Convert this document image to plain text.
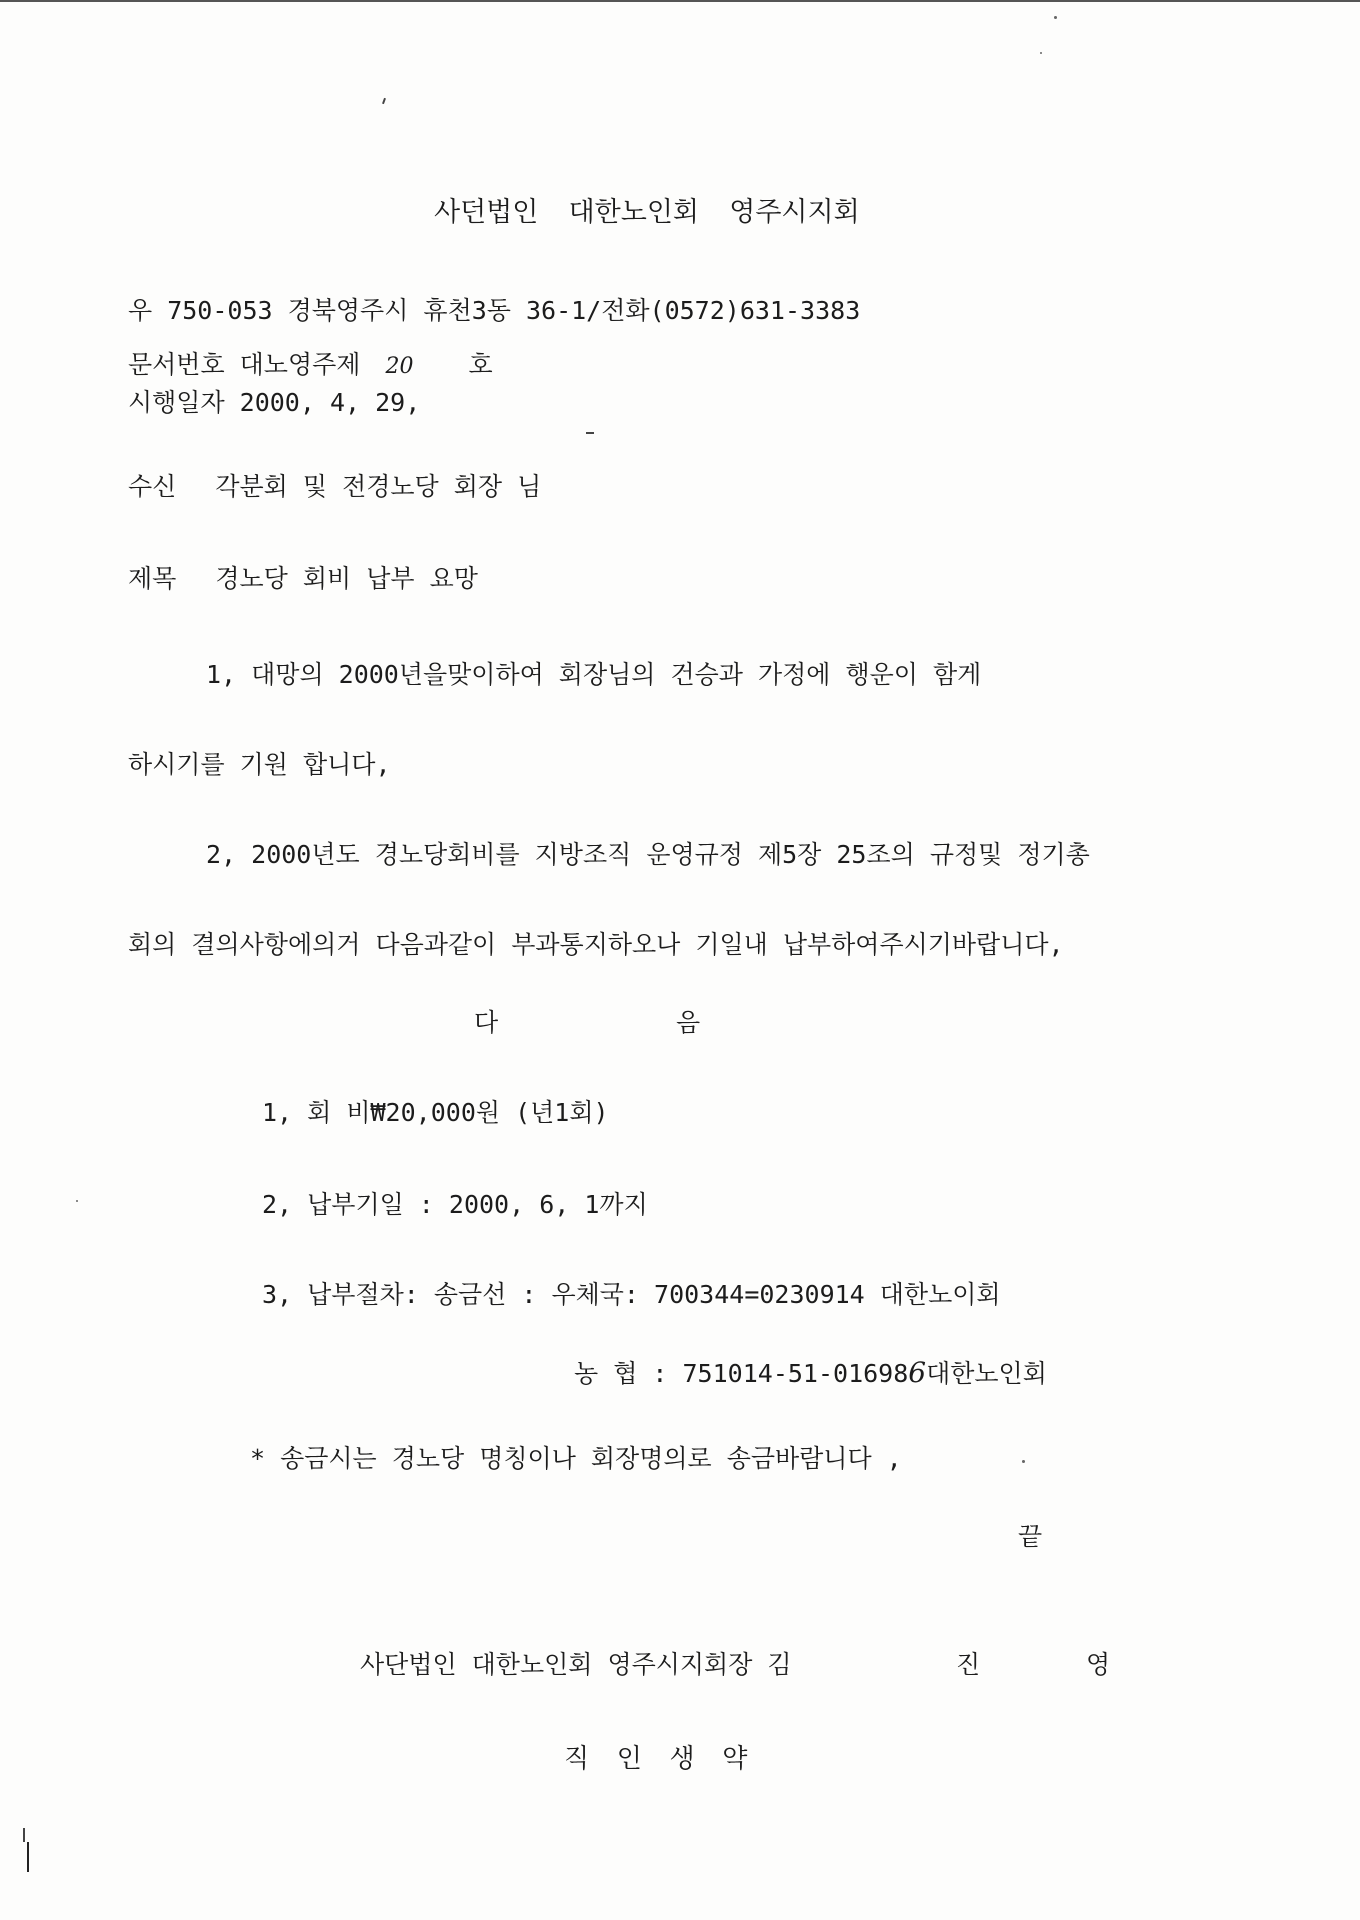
사던법인 대한노인회 영주시지회
우 750-053 경북영주시 휴천3동 36-1/전화(0572)631-3383
문서번호 대노영주제 20 호
시행일자 2000, 4, 29,
수신 각분회 및 전경노당 회장 님
제목 경노당 회비 납부 요망
1, 대망의 2000년을맞이하여 회장님의 건승과 가정에 행운이 함게
하시기를 기원 합니다,
2, 2000년도 경노당회비를 지방조직 운영규정 제5장 25조의 규정및 정기총
회의 결의사항에의거 다음과같이 부과통지하오나 기일내 납부하여주시기바랍니다,
다	음
1, 회 비₩20,000원 (년1회)
2, 납부기일 : 2000, 6, 1까지
3, 납부절차: 송금선 : 우체국: 700344=0230914 대한노이회
농 협 : 751014-51-016986대한노인회
* 송금시는 경노당 명칭이나 회장명의로 송금바람니다 ,
끝
사단법인 대한노인회 영주시지회장 김	진	영
직 인 생 약
